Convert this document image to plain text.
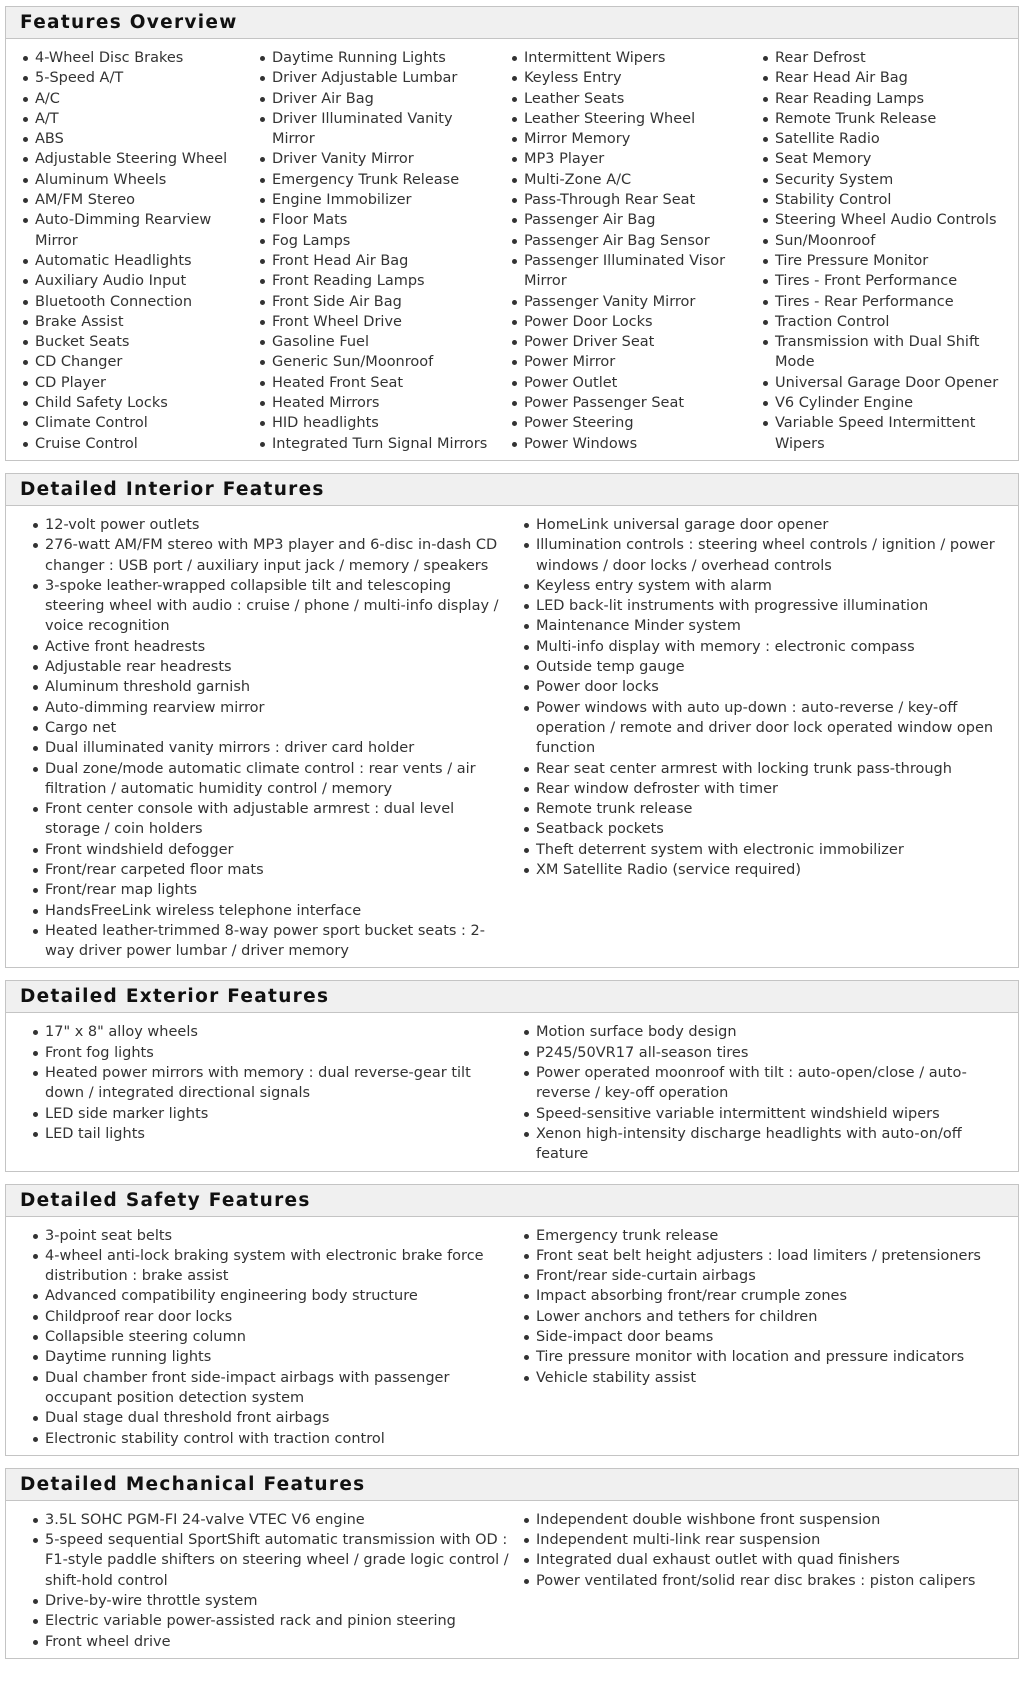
Features Overview
4-Wheel Disc Brakes
5-Speed A/T
A/C
A/T
ABS
Adjustable Steering Wheel
Aluminum Wheels
AM/FM Stereo
Auto-Dimming Rearview Mirror
Automatic Headlights
Auxiliary Audio Input
Bluetooth Connection
Brake Assist
Bucket Seats
CD Changer
CD Player
Child Safety Locks
Climate Control
Cruise Control
Daytime Running Lights
Driver Adjustable Lumbar
Driver Air Bag
Driver Illuminated Vanity Mirror
Driver Vanity Mirror
Emergency Trunk Release
Engine Immobilizer
Floor Mats
Fog Lamps
Front Head Air Bag
Front Reading Lamps
Front Side Air Bag
Front Wheel Drive
Gasoline Fuel
Generic Sun/Moonroof
Heated Front Seat
Heated Mirrors
HID headlights
Integrated Turn Signal Mirrors
Intermittent Wipers
Keyless Entry
Leather Seats
Leather Steering Wheel
Mirror Memory
MP3 Player
Multi-Zone A/C
Pass-Through Rear Seat
Passenger Air Bag
Passenger Air Bag Sensor
Passenger Illuminated Visor Mirror
Passenger Vanity Mirror
Power Door Locks
Power Driver Seat
Power Mirror
Power Outlet
Power Passenger Seat
Power Steering
Power Windows
Rear Defrost
Rear Head Air Bag
Rear Reading Lamps
Remote Trunk Release
Satellite Radio
Seat Memory
Security System
Stability Control
Steering Wheel Audio Controls
Sun/Moonroof
Tire Pressure Monitor
Tires - Front Performance
Tires - Rear Performance
Traction Control
Transmission with Dual Shift Mode
Universal Garage Door Opener
V6 Cylinder Engine
Variable Speed Intermittent Wipers
Detailed Interior Features
12-volt power outlets
276-watt AM/FM stereo with MP3 player and 6-disc in-dash CD changer : USB port / auxiliary input jack / memory / speakers
3-spoke leather-wrapped collapsible tilt and telescoping steering wheel with audio : cruise / phone / multi-info display / voice recognition
Active front headrests
Adjustable rear headrests
Aluminum threshold garnish
Auto-dimming rearview mirror
Cargo net
Dual illuminated vanity mirrors : driver card holder
Dual zone/mode automatic climate control : rear vents / air filtration / automatic humidity control / memory
Front center console with adjustable armrest : dual level storage / coin holders
Front windshield defogger
Front/rear carpeted floor mats
Front/rear map lights
HandsFreeLink wireless telephone interface
Heated leather-trimmed 8-way power sport bucket seats : 2-way driver power lumbar / driver memory
HomeLink universal garage door opener
Illumination controls : steering wheel controls / ignition / power windows / door locks / overhead controls
Keyless entry system with alarm
LED back-lit instruments with progressive illumination
Maintenance Minder system
Multi-info display with memory : electronic compass
Outside temp gauge
Power door locks
Power windows with auto up-down : auto-reverse / key-off operation / remote and driver door lock operated window open function
Rear seat center armrest with locking trunk pass-through
Rear window defroster with timer
Remote trunk release
Seatback pockets
Theft deterrent system with electronic immobilizer
XM Satellite Radio (service required)
Detailed Exterior Features
17" x 8" alloy wheels
Front fog lights
Heated power mirrors with memory : dual reverse-gear tilt down / integrated directional signals
LED side marker lights
LED tail lights
Motion surface body design
P245/50VR17 all-season tires
Power operated moonroof with tilt : auto-open/close / auto-reverse / key-off operation
Speed-sensitive variable intermittent windshield wipers
Xenon high-intensity discharge headlights with auto-on/off feature
Detailed Safety Features
3-point seat belts
4-wheel anti-lock braking system with electronic brake force distribution : brake assist
Advanced compatibility engineering body structure
Childproof rear door locks
Collapsible steering column
Daytime running lights
Dual chamber front side-impact airbags with passenger occupant position detection system
Dual stage dual threshold front airbags
Electronic stability control with traction control
Emergency trunk release
Front seat belt height adjusters : load limiters / pretensioners
Front/rear side-curtain airbags
Impact absorbing front/rear crumple zones
Lower anchors and tethers for children
Side-impact door beams
Tire pressure monitor with location and pressure indicators
Vehicle stability assist
Detailed Mechanical Features
3.5L SOHC PGM-FI 24-valve VTEC V6 engine
5-speed sequential SportShift automatic transmission with OD : F1-style paddle shifters on steering wheel / grade logic control / shift-hold control
Drive-by-wire throttle system
Electric variable power-assisted rack and pinion steering
Front wheel drive
Independent double wishbone front suspension
Independent multi-link rear suspension
Integrated dual exhaust outlet with quad finishers
Power ventilated front/solid rear disc brakes : piston calipers
